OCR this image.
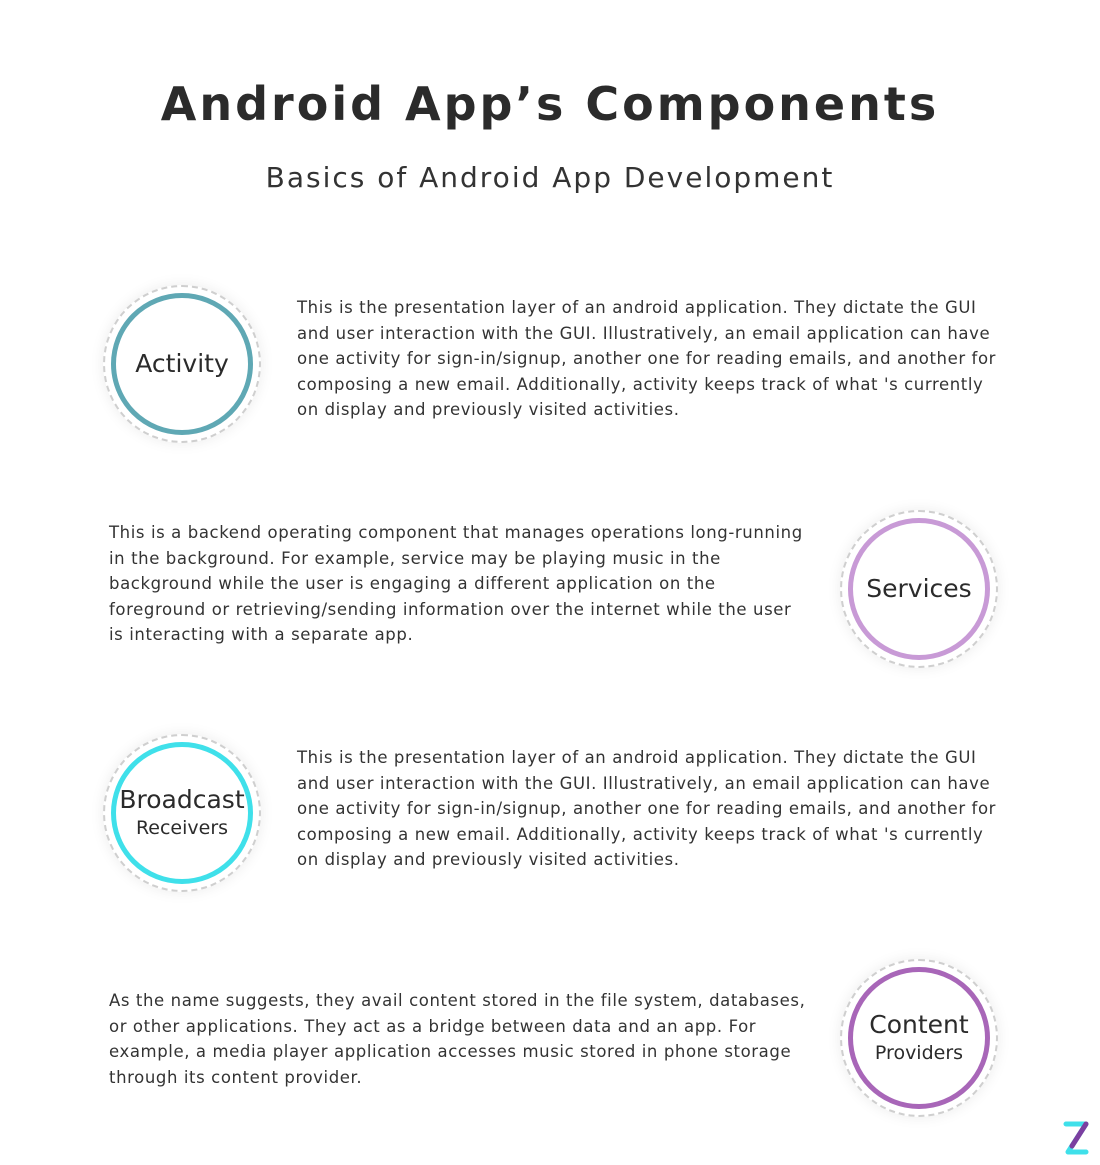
Android App’s Components
Basics of Android App Development
Activity

This is the presentation layer of an android application. They dictate the GUI and user interaction with the GUI. Illustratively, an email application can have one activity for sign-in/signup, another one for reading emails, and another for composing a new email. Additionally, activity keeps track of what 's currently on display and previously visited activities.

This is a backend operating component that manages operations long-running in the background. For example, service may be playing music in the background while the user is engaging a different application on the foreground or retrieving/sending information over the internet while the user is interacting with a separate app.

Services
Broadcast
Receivers

This is the presentation layer of an android application. They dictate the GUI and user interaction with the GUI. Illustratively, an email application can have one activity for sign-in/signup, another one for reading emails, and another for composing a new email. Additionally, activity keeps track of what 's currently on display and previously visited activities.

As the name suggests, they avail content stored in the file system, databases, or other applications. They act as a bridge between data and an app. For example, a media player application accesses music stored in phone storage through its content provider.

Content
Providers
